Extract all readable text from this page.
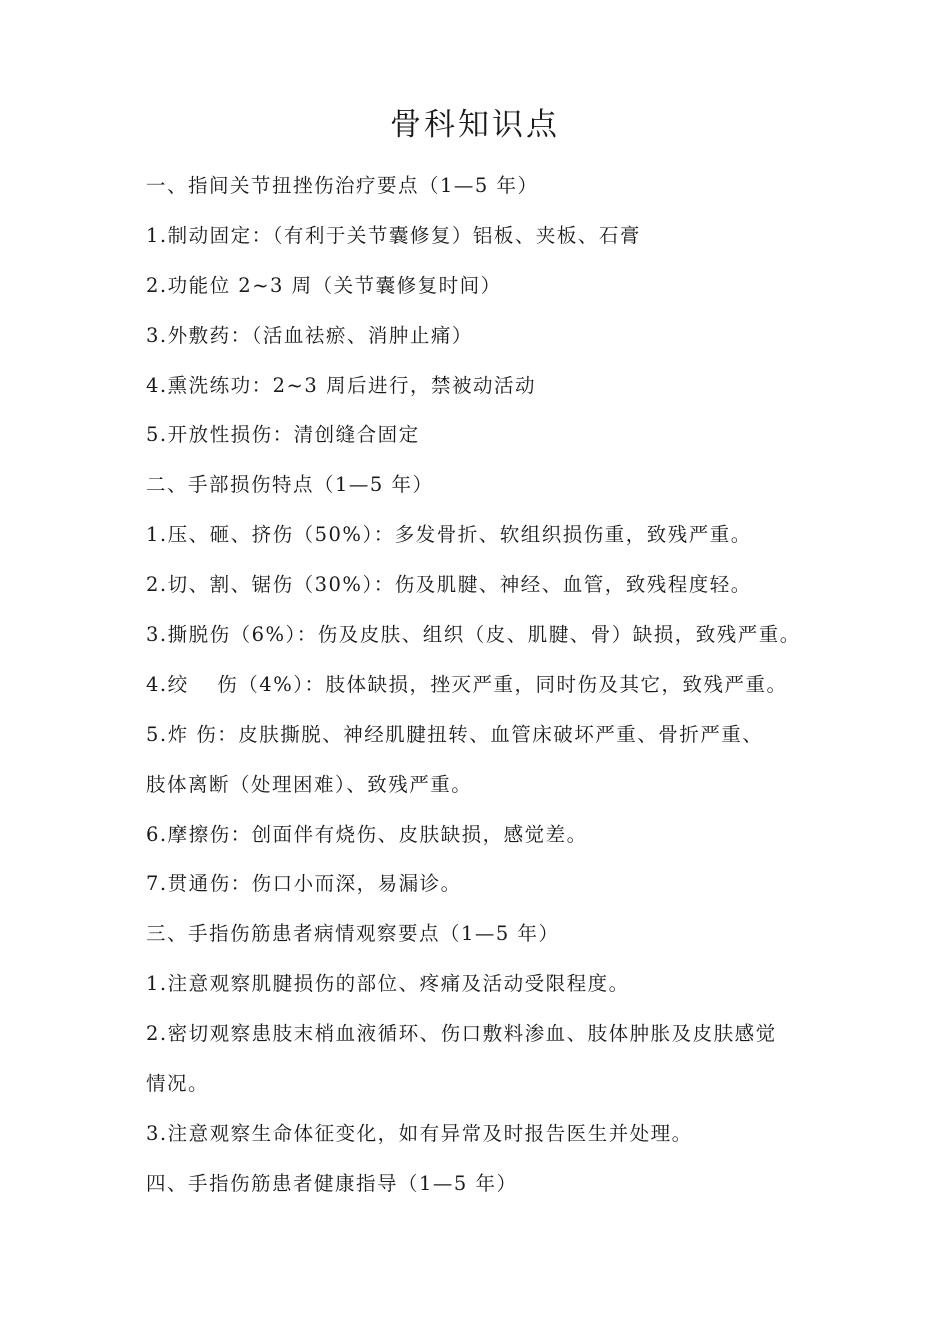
骨科知识点
一、指间关节扭挫伤治疗要点（1—5 年）
1.制动固定：（有利于关节囊修复）铝板、夹板、石膏
2.功能位 2~3 周（关节囊修复时间）
3.外敷药：（活血祛瘀、消肿止痛）
4.熏洗练功：2~3 周后进行，禁被动活动
5.开放性损伤：清创缝合固定
二、手部损伤特点（1—5 年）
1.压、砸、挤伤（50%）：多发骨折、软组织损伤重，致残严重。
2.切、割、锯伤（30%）：伤及肌腱、神经、血管，致残程度轻。
3.撕脱伤（6%）：伤及皮肤、组织（皮、肌腱、骨）缺损，致残严重。
4.绞　 伤（4%）：肢体缺损，挫灭严重，同时伤及其它，致残严重。
5.炸 伤：皮肤撕脱、神经肌腱扭转、血管床破坏严重、骨折严重、
肢体离断（处理困难）、致残严重。
6.摩擦伤：创面伴有烧伤、皮肤缺损，感觉差。
7.贯通伤：伤口小而深，易漏诊。
三、手指伤筋患者病情观察要点（1—5 年）
1.注意观察肌腱损伤的部位、疼痛及活动受限程度。
2.密切观察患肢末梢血液循环、伤口敷料渗血、肢体肿胀及皮肤感觉
情况。
3.注意观察生命体征变化，如有异常及时报告医生并处理。
四、手指伤筋患者健康指导（1—5 年）
